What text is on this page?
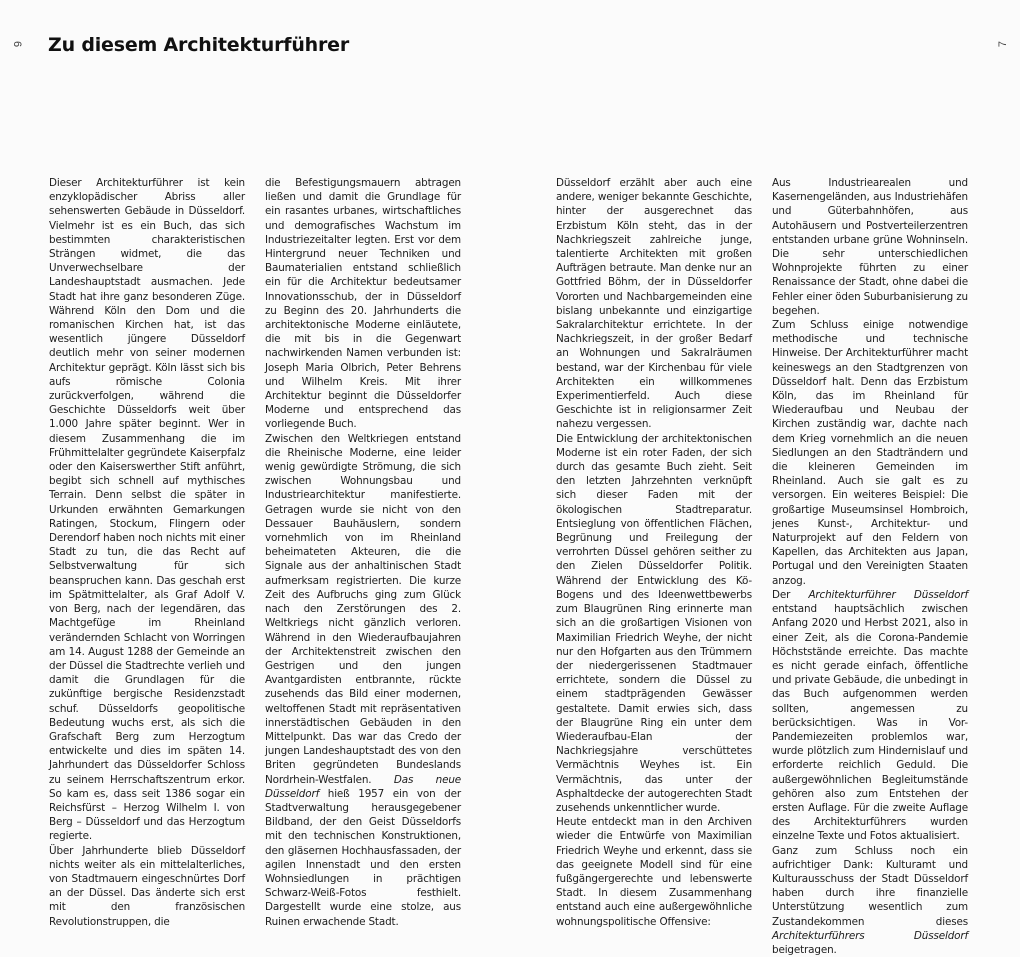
6	7
Zu diesem Architekturführer

Dieser Architekturführer ist kein enzyklopädischer Abriss aller sehenswerten Gebäude in Düsseldorf. Vielmehr ist es ein Buch, das sich bestimmten charakteristischen Strängen widmet, die das Unverwechselbare der Landeshauptstadt ausmachen. Jede Stadt hat ihre ganz besonderen Züge. Während Köln den Dom und die romanischen Kirchen hat, ist das wesentlich jüngere Düsseldorf deutlich mehr von seiner modernen Architektur geprägt. Köln lässt sich bis aufs römische Colonia zurückverfolgen, während die Geschichte Düsseldorfs weit über 1.000 Jahre später beginnt. Wer in diesem Zusammenhang die im Frühmittelalter gegründete Kaiserpfalz oder den Kaiserswerther Stift anführt, begibt sich schnell auf mythisches Terrain. Denn selbst die später in Urkunden erwähnten Gemarkungen Ratingen, Stockum, Flingern oder Derendorf haben noch nichts mit einer Stadt zu tun, die das Recht auf Selbstverwaltung für sich beanspruchen kann. Das geschah erst im Spätmittelalter, als Graf Adolf V. von Berg, nach der legendären, das Machtgefüge im Rheinland verändernden Schlacht von Worringen am 14. August 1288 der Gemeinde an der Düssel die Stadtrechte verlieh und damit die Grundlagen für die zukünftige bergische Residenzstadt schuf. Düsseldorfs geopolitische Bedeutung wuchs erst, als sich die Grafschaft Berg zum Herzogtum entwickelte und dies im späten 14. Jahrhundert das Düsseldorfer Schloss zu seinem Herrschaftszentrum erkor. So kam es, dass seit 1386 sogar ein Reichsfürst – Herzog Wilhelm I. von Berg – Düsseldorf und das Herzogtum regierte.

Über Jahrhunderte blieb Düsseldorf nichts weiter als ein mittelalterliches, von Stadtmauern eingeschnürtes Dorf an der Düssel. Das änderte sich erst mit den französischen Revolutionstruppen, die

die Befestigungsmauern abtragen ließen und damit die Grundlage für ein rasantes urbanes, wirtschaftliches und demografisches Wachstum im Industriezeitalter legten. Erst vor dem Hintergrund neuer Techniken und Baumaterialien entstand schließlich ein für die Architektur bedeutsamer Innovationsschub, der in Düsseldorf zu Beginn des 20. Jahrhunderts die architektonische Moderne einläutete, die mit bis in die Gegenwart nachwirkenden Namen verbunden ist: Joseph Maria Olbrich, Peter Behrens und Wilhelm Kreis. Mit ihrer Architektur beginnt die Düsseldorfer Moderne und entsprechend das vorliegende Buch.

Zwischen den Weltkriegen entstand die Rheinische Moderne, eine leider wenig gewürdigte Strömung, die sich zwischen Wohnungsbau und Industriearchitektur manifestierte. Getragen wurde sie nicht von den Dessauer Bauhäuslern, sondern vornehmlich von im Rheinland beheimateten Akteuren, die die Signale aus der anhaltinischen Stadt aufmerksam registrierten. Die kurze Zeit des Aufbruchs ging zum Glück nach den Zerstörungen des 2. Weltkriegs nicht gänzlich verloren. Während in den Wiederaufbaujahren der Architektenstreit zwischen den Gestrigen und den jungen Avantgardisten entbrannte, rückte zusehends das Bild einer modernen, weltoffenen Stadt mit repräsentativen innerstädtischen Gebäuden in den Mittelpunkt. Das war das Credo der jungen Landeshauptstadt des von den Briten gegründeten Bundeslands Nordrhein-Westfalen. Das neue Düsseldorf hieß 1957 ein von der Stadtverwaltung herausgegebener Bildband, der den Geist Düsseldorfs mit den technischen Konstruktionen, den gläsernen Hochhausfassaden, der agilen Innenstadt und den ersten Wohnsiedlungen in prächtigen Schwarz-Weiß-Fotos festhielt. Dargestellt wurde eine stolze, aus Ruinen erwachende Stadt.

Düsseldorf erzählt aber auch eine andere, weniger bekannte Geschichte, hinter der ausgerechnet das Erzbistum Köln steht, das in der Nachkriegszeit zahlreiche junge, talentierte Architekten mit großen Aufträgen betraute. Man denke nur an Gottfried Böhm, der in Düsseldorfer Vororten und Nachbargemeinden eine bislang unbekannte und einzigartige Sakralarchitektur errichtete. In der Nachkriegszeit, in der großer Bedarf an Wohnungen und Sakralräumen bestand, war der Kirchenbau für viele Architekten ein willkommenes Experimentierfeld. Auch diese Geschichte ist in religionsarmer Zeit nahezu vergessen.

Die Entwicklung der architektonischen Moderne ist ein roter Faden, der sich durch das gesamte Buch zieht. Seit den letzten Jahrzehnten verknüpft sich dieser Faden mit der ökologischen Stadtreparatur. Entsieglung von öffentlichen Flächen, Begrünung und Freilegung der verrohrten Düssel gehören seither zu den Zielen Düsseldorfer Politik. Während der Entwicklung des Kö-Bogens und des Ideenwettbewerbs zum Blaugrünen Ring erinnerte man sich an die großartigen Visionen von Maximilian Friedrich Weyhe, der nicht nur den Hofgarten aus den Trümmern der niedergerissenen Stadtmauer errichtete, sondern die Düssel zu einem stadtprägenden Gewässer gestaltete. Damit erwies sich, dass der Blaugrüne Ring ein unter dem Wiederaufbau-Elan der Nachkriegsjahre verschüttetes Vermächtnis Weyhes ist. Ein Vermächtnis, das unter der Asphaltdecke der autogerechten Stadt zusehends unkenntlicher wurde.

Heute entdeckt man in den Archiven wieder die Entwürfe von Maximilian Friedrich Weyhe und erkennt, dass sie das geeignete Modell sind für eine fußgängergerechte und lebenswerte Stadt. In diesem Zusammenhang entstand auch eine außergewöhnliche wohnungspolitische Offensive:

Aus Industriearealen und Kasernengeländen, aus Industriehäfen und Güterbahnhöfen, aus Autohäusern und Postverteilerzentren entstanden urbane grüne Wohninseln. Die sehr unterschiedlichen Wohnprojekte führten zu einer Renaissance der Stadt, ohne dabei die Fehler einer öden Suburbanisierung zu begehen.

Zum Schluss einige notwendige methodische und technische Hinweise. Der Architekturführer macht keineswegs an den Stadtgrenzen von Düsseldorf halt. Denn das Erzbistum Köln, das im Rheinland für Wiederaufbau und Neubau der Kirchen zuständig war, dachte nach dem Krieg vornehmlich an die neuen Siedlungen an den Stadträndern und die kleineren Gemeinden im Rheinland. Auch sie galt es zu versorgen. Ein weiteres Beispiel: Die großartige Museumsinsel Hombroich, jenes Kunst-, Architektur- und Naturprojekt auf den Feldern von Kapellen, das Architekten aus Japan, Portugal und den Vereinigten Staaten anzog.

Der Architekturführer Düsseldorf entstand hauptsächlich zwischen Anfang 2020 und Herbst 2021, also in einer Zeit, als die Corona-Pandemie Höchststände erreichte. Das machte es nicht gerade einfach, öffentliche und private Gebäude, die unbedingt in das Buch aufgenommen werden sollten, angemessen zu berücksichtigen. Was in Vor-Pandemiezeiten problemlos war, wurde plötzlich zum Hindernislauf und erforderte reichlich Geduld. Die außergewöhnlichen Begleitumstände gehören also zum Entstehen der ersten Auflage. Für die zweite Auflage des Architekturführers wurden einzelne Texte und Fotos aktualisiert.

Ganz zum Schluss noch ein aufrichtiger Dank: Kulturamt und Kulturausschuss der Stadt Düsseldorf haben durch ihre finanzielle Unterstützung wesentlich zum Zustandekommen dieses Architekturführers Düsseldorf beigetragen.
